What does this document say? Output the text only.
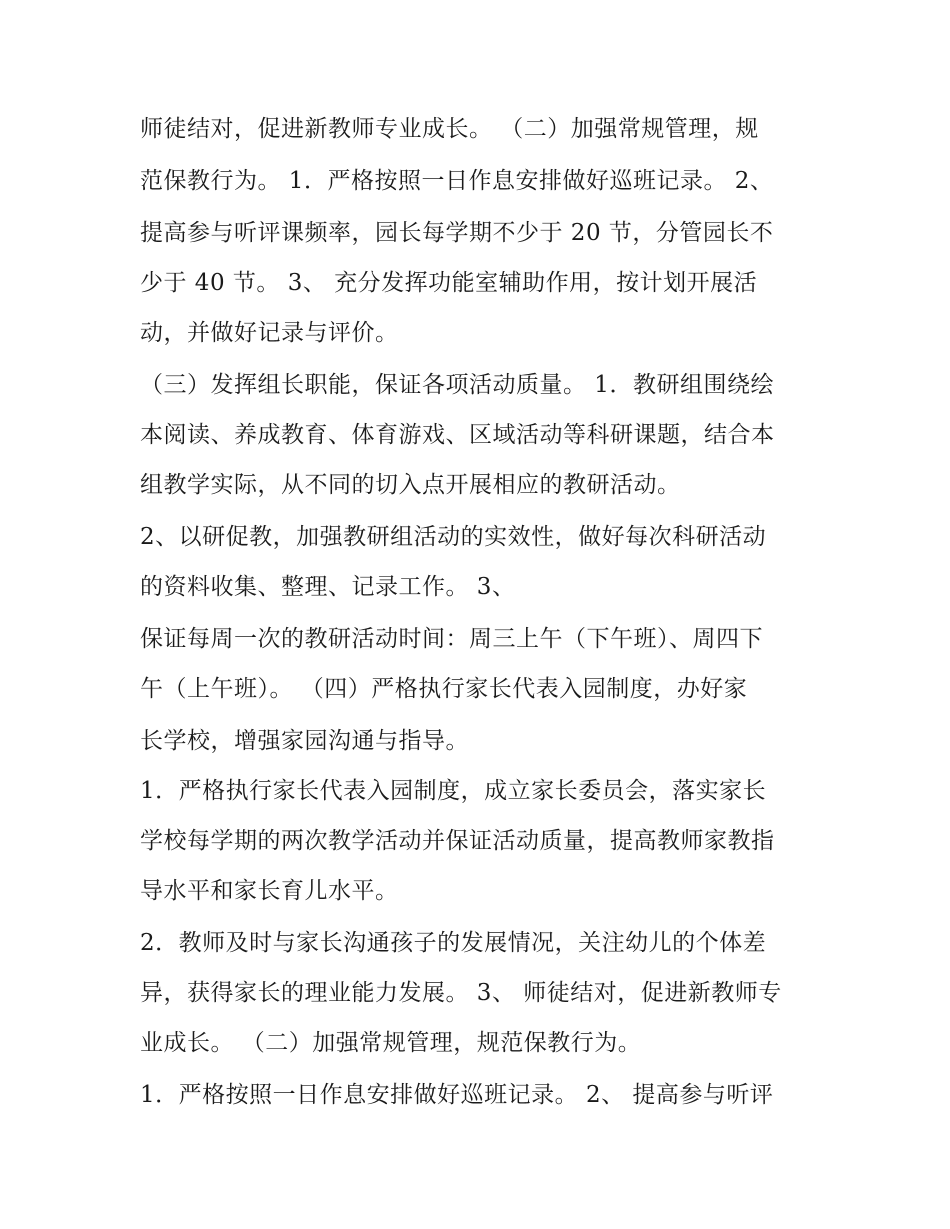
师徒结对，促进新教师专业成长。 （二）加强常规管理，规
范保教行为。 1．严格按照一日作息安排做好巡班记录。 2、
提高参与听评课频率，园长每学期不少于 20 节，分管园长不
少于 40 节。 3、 充分发挥功能室辅助作用，按计划开展活
动，并做好记录与评价。
（三）发挥组长职能，保证各项活动质量。 1．教研组围绕绘
本阅读、养成教育、体育游戏、区域活动等科研课题，结合本
组教学实际，从不同的切入点开展相应的教研活动。
2、以研促教，加强教研组活动的实效性，做好每次科研活动
的资料收集、整理、记录工作。 3、
保证每周一次的教研活动时间：周三上午（下午班）、周四下
午（上午班）。 （四）严格执行家长代表入园制度，办好家
长学校，增强家园沟通与指导。
1．严格执行家长代表入园制度，成立家长委员会，落实家长
学校每学期的两次教学活动并保证活动质量，提高教师家教指
导水平和家长育儿水平。
2．教师及时与家长沟通孩子的发展情况，关注幼儿的个体差
异，获得家长的理业能力发展。 3、 师徒结对，促进新教师专
业成长。 （二）加强常规管理，规范保教行为。
1．严格按照一日作息安排做好巡班记录。 2、 提高参与听评
